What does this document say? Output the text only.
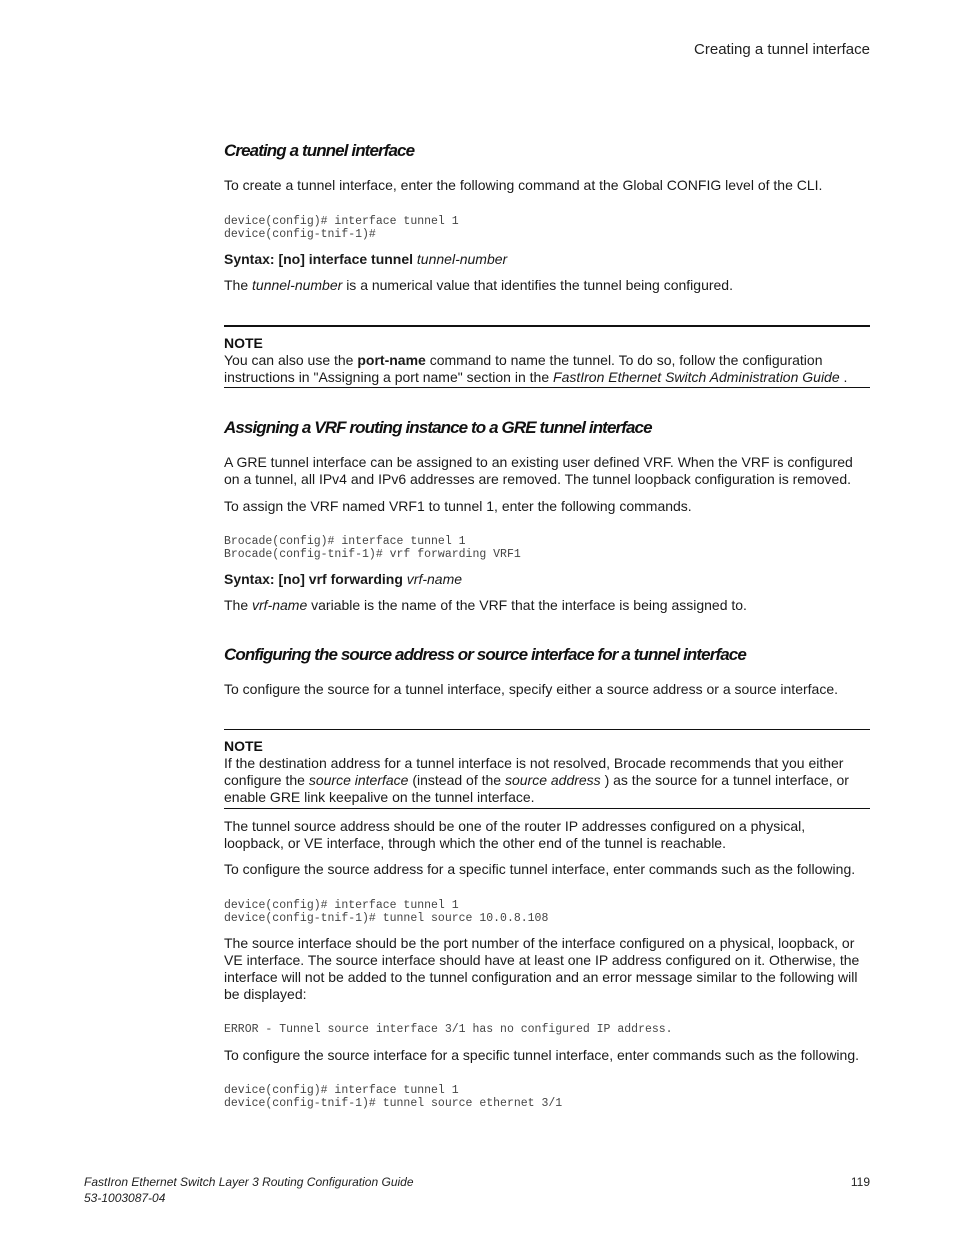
Creating a tunnel interface
Creating a tunnel interface
To create a tunnel interface, enter the following command at the Global CONFIG level of the CLI.
device(config)# interface tunnel 1
device(config-tnif-1)#
Syntax: [no] interface tunnel tunnel-number
The tunnel-number is a numerical value that identifies the tunnel being configured.
NOTE
You can also use the port-name command to name the tunnel. To do so, follow the configuration instructions in "Assigning a port name" section in the FastIron Ethernet Switch Administration Guide .
Assigning a VRF routing instance to a GRE tunnel interface
A GRE tunnel interface can be assigned to an existing user defined VRF. When the VRF is configured on a tunnel, all IPv4 and IPv6 addresses are removed. The tunnel loopback configuration is removed.
To assign the VRF named VRF1 to tunnel 1, enter the following commands.
Brocade(config)# interface tunnel 1
Brocade(config-tnif-1)# vrf forwarding VRF1
Syntax: [no] vrf forwarding vrf-name
The vrf-name variable is the name of the VRF that the interface is being assigned to.
Configuring the source address or source interface for a tunnel interface
To configure the source for a tunnel interface, specify either a source address or a source interface.
NOTE
If the destination address for a tunnel interface is not resolved, Brocade recommends that you either configure the source interface (instead of the source address ) as the source for a tunnel interface, or enable GRE link keepalive on the tunnel interface.
The tunnel source address should be one of the router IP addresses configured on a physical, loopback, or VE interface, through which the other end of the tunnel is reachable.
To configure the source address for a specific tunnel interface, enter commands such as the following.
device(config)# interface tunnel 1
device(config-tnif-1)# tunnel source 10.0.8.108
The source interface should be the port number of the interface configured on a physical, loopback, or VE interface. The source interface should have at least one IP address configured on it. Otherwise, the interface will not be added to the tunnel configuration and an error message similar to the following will be displayed:
ERROR - Tunnel source interface 3/1 has no configured IP address.
To configure the source interface for a specific tunnel interface, enter commands such as the following.
device(config)# interface tunnel 1
device(config-tnif-1)# tunnel source ethernet 3/1
FastIron Ethernet Switch Layer 3 Routing Configuration Guide
53-1003087-04
119
